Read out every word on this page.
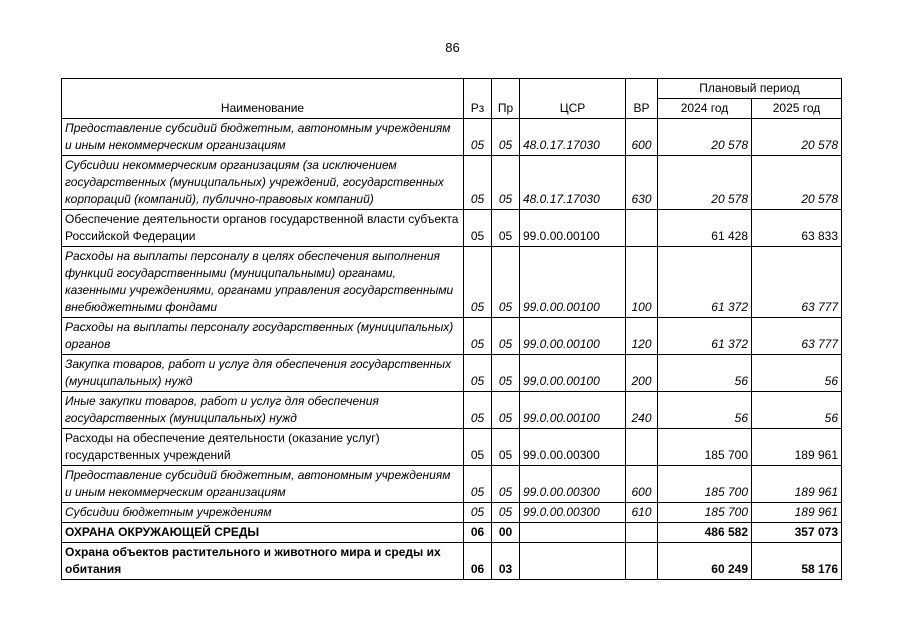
86
Наименование	Рз	Пр	ЦСР	ВР	Плановый период	
					2024 год	2025 год
Предоставление субсидий бюджетным, автономным учреждениям и иным некоммерческим организациям	05	05	48.0.17.17030	600	20 578	20 578
Субсидии некоммерческим организациям (за исключением государственных (муниципальных) учреждений, государственных корпораций (компаний), публично-правовых компаний)	05	05	48.0.17.17030	630	20 578	20 578
Обеспечение деятельности органов государственной власти субъекта Российской Федерации	05	05	99.0.00.00100		61 428	63 833
Расходы на выплаты персоналу в целях обеспечения выполнения функций государственными (муниципальными) органами, казенными учреждениями, органами управления государственными внебюджетными фондами	05	05	99.0.00.00100	100	61 372	63 777
Расходы на выплаты персоналу государственных (муниципальных) органов	05	05	99.0.00.00100	120	61 372	63 777
Закупка товаров, работ и услуг для обеспечения государственных (муниципальных) нужд	05	05	99.0.00.00100	200	56	56
Иные закупки товаров, работ и услуг для обеспечения государственных (муниципальных) нужд	05	05	99.0.00.00100	240	56	56
Расходы на обеспечение деятельности (оказание услуг) государственных учреждений	05	05	99.0.00.00300		185 700	189 961
Предоставление субсидий бюджетным, автономным учреждениям и иным некоммерческим организациям	05	05	99.0.00.00300	600	185 700	189 961
Субсидии бюджетным учреждениям	05	05	99.0.00.00300	610	185 700	189 961
ОХРАНА ОКРУЖАЮЩЕЙ СРЕДЫ	06	00			486 582	357 073
Охрана объектов растительного и животного мира и среды их обитания	06	03			60 249	58 176
